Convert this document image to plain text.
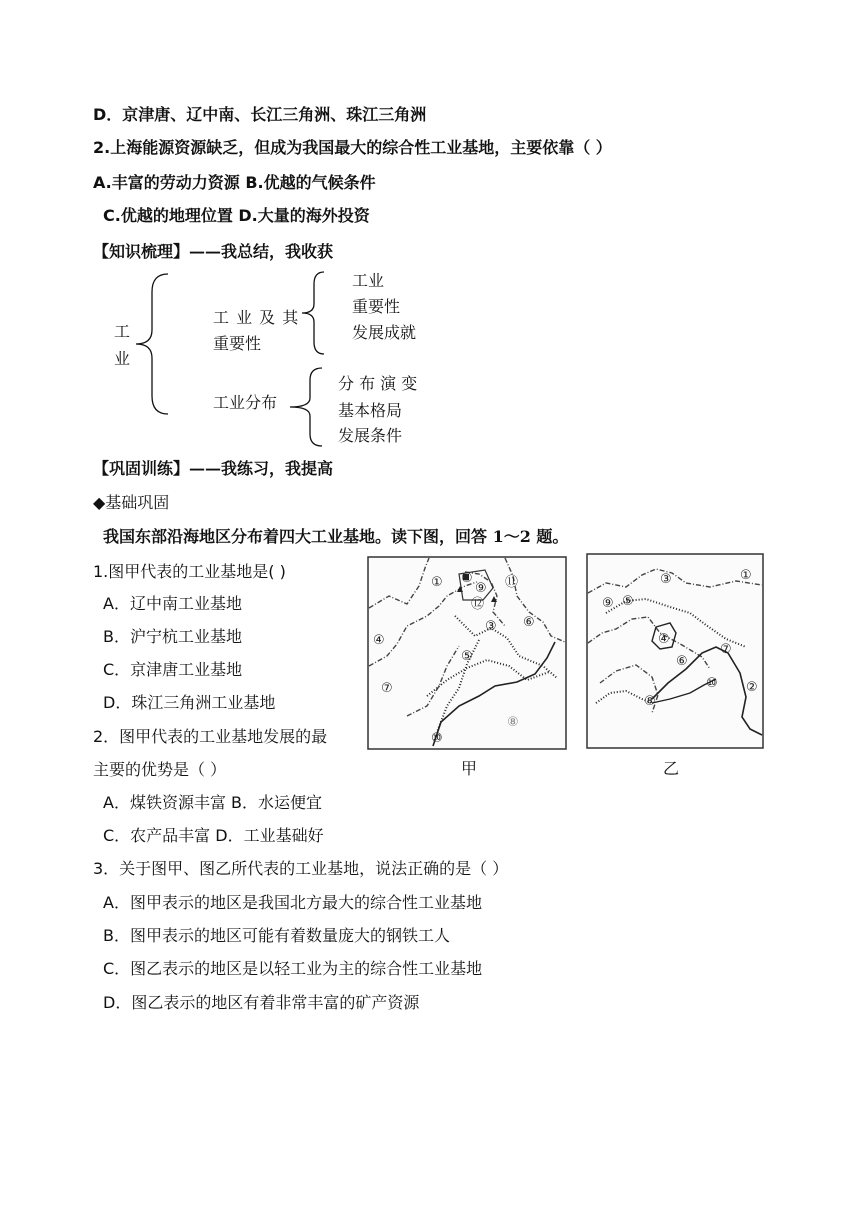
D．京津唐、辽中南、长江三角洲、珠江三角洲
2.上海能源资源缺乏，但成为我国最大的综合性工业基地，主要依靠（ ）
A.丰富的劳动力资源 B.优越的气候条件
C.优越的地理位置 D.大量的海外投资
【知识梳理】——我总结，我收获
工
业
工 业 及 其
重要性
工业
重要性
发展成就
工业分布
分 布 演 变
基本格局
发展条件
【巩固训练】——我练习，我提高
◆基础巩固
我国东部沿海地区分布着四大工业基地。读下图，回答 1～2 题。
1.图甲代表的工业基地是( )
A．辽中南工业基地
B．沪宁杭工业基地
C．京津唐工业基地
D．珠江三角洲工业基地
2．图甲代表的工业基地发展的最
主要的优势是（ ）
A．煤铁资源丰富 B．水运便宜
C．农产品丰富 D．工业基础好
3．关于图甲、图乙所代表的工业基地，说法正确的是（ ）
A．图甲表示的地区是我国北方最大的综合性工业基地
B．图甲表示的地区可能有着数量庞大的钢铁工人
C．图乙表示的地区是以轻工业为主的综合性工业基地
D．图乙表示的地区有着非常丰富的矿产资源
① ②
⑨ ⑪
⑫
③ ⑥
④
⑤
⑦
⑩
⑧
甲
③	①
⑨ ⑤
④
⑥
⑦
⑩ ②
⑧
乙
